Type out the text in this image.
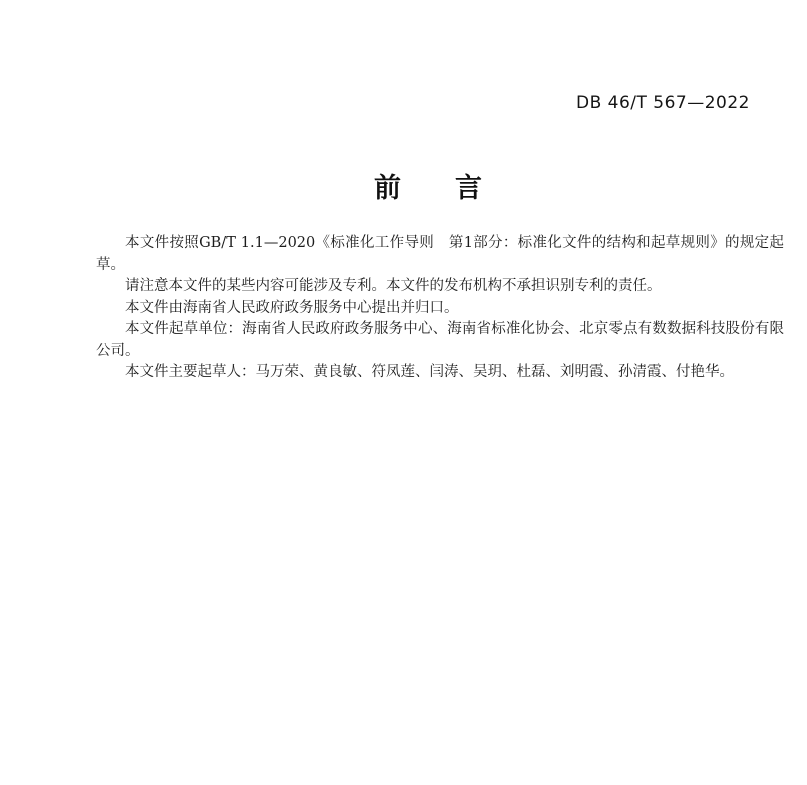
DB 46/T 567—2022
前　　言

本文件按照GB/T 1.1—2020《标准化工作导则　第1部分：标准化文件的结构和起草规则》的规定起草。

请注意本文件的某些内容可能涉及专利。本文件的发布机构不承担识别专利的责任。

本文件由海南省人民政府政务服务中心提出并归口。

本文件起草单位：海南省人民政府政务服务中心、海南省标准化协会、北京零点有数数据科技股份有限公司。

本文件主要起草人：马万荣、黄良敏、符凤莲、闫涛、吴玥、杜磊、刘明霞、孙清霞、付艳华。
